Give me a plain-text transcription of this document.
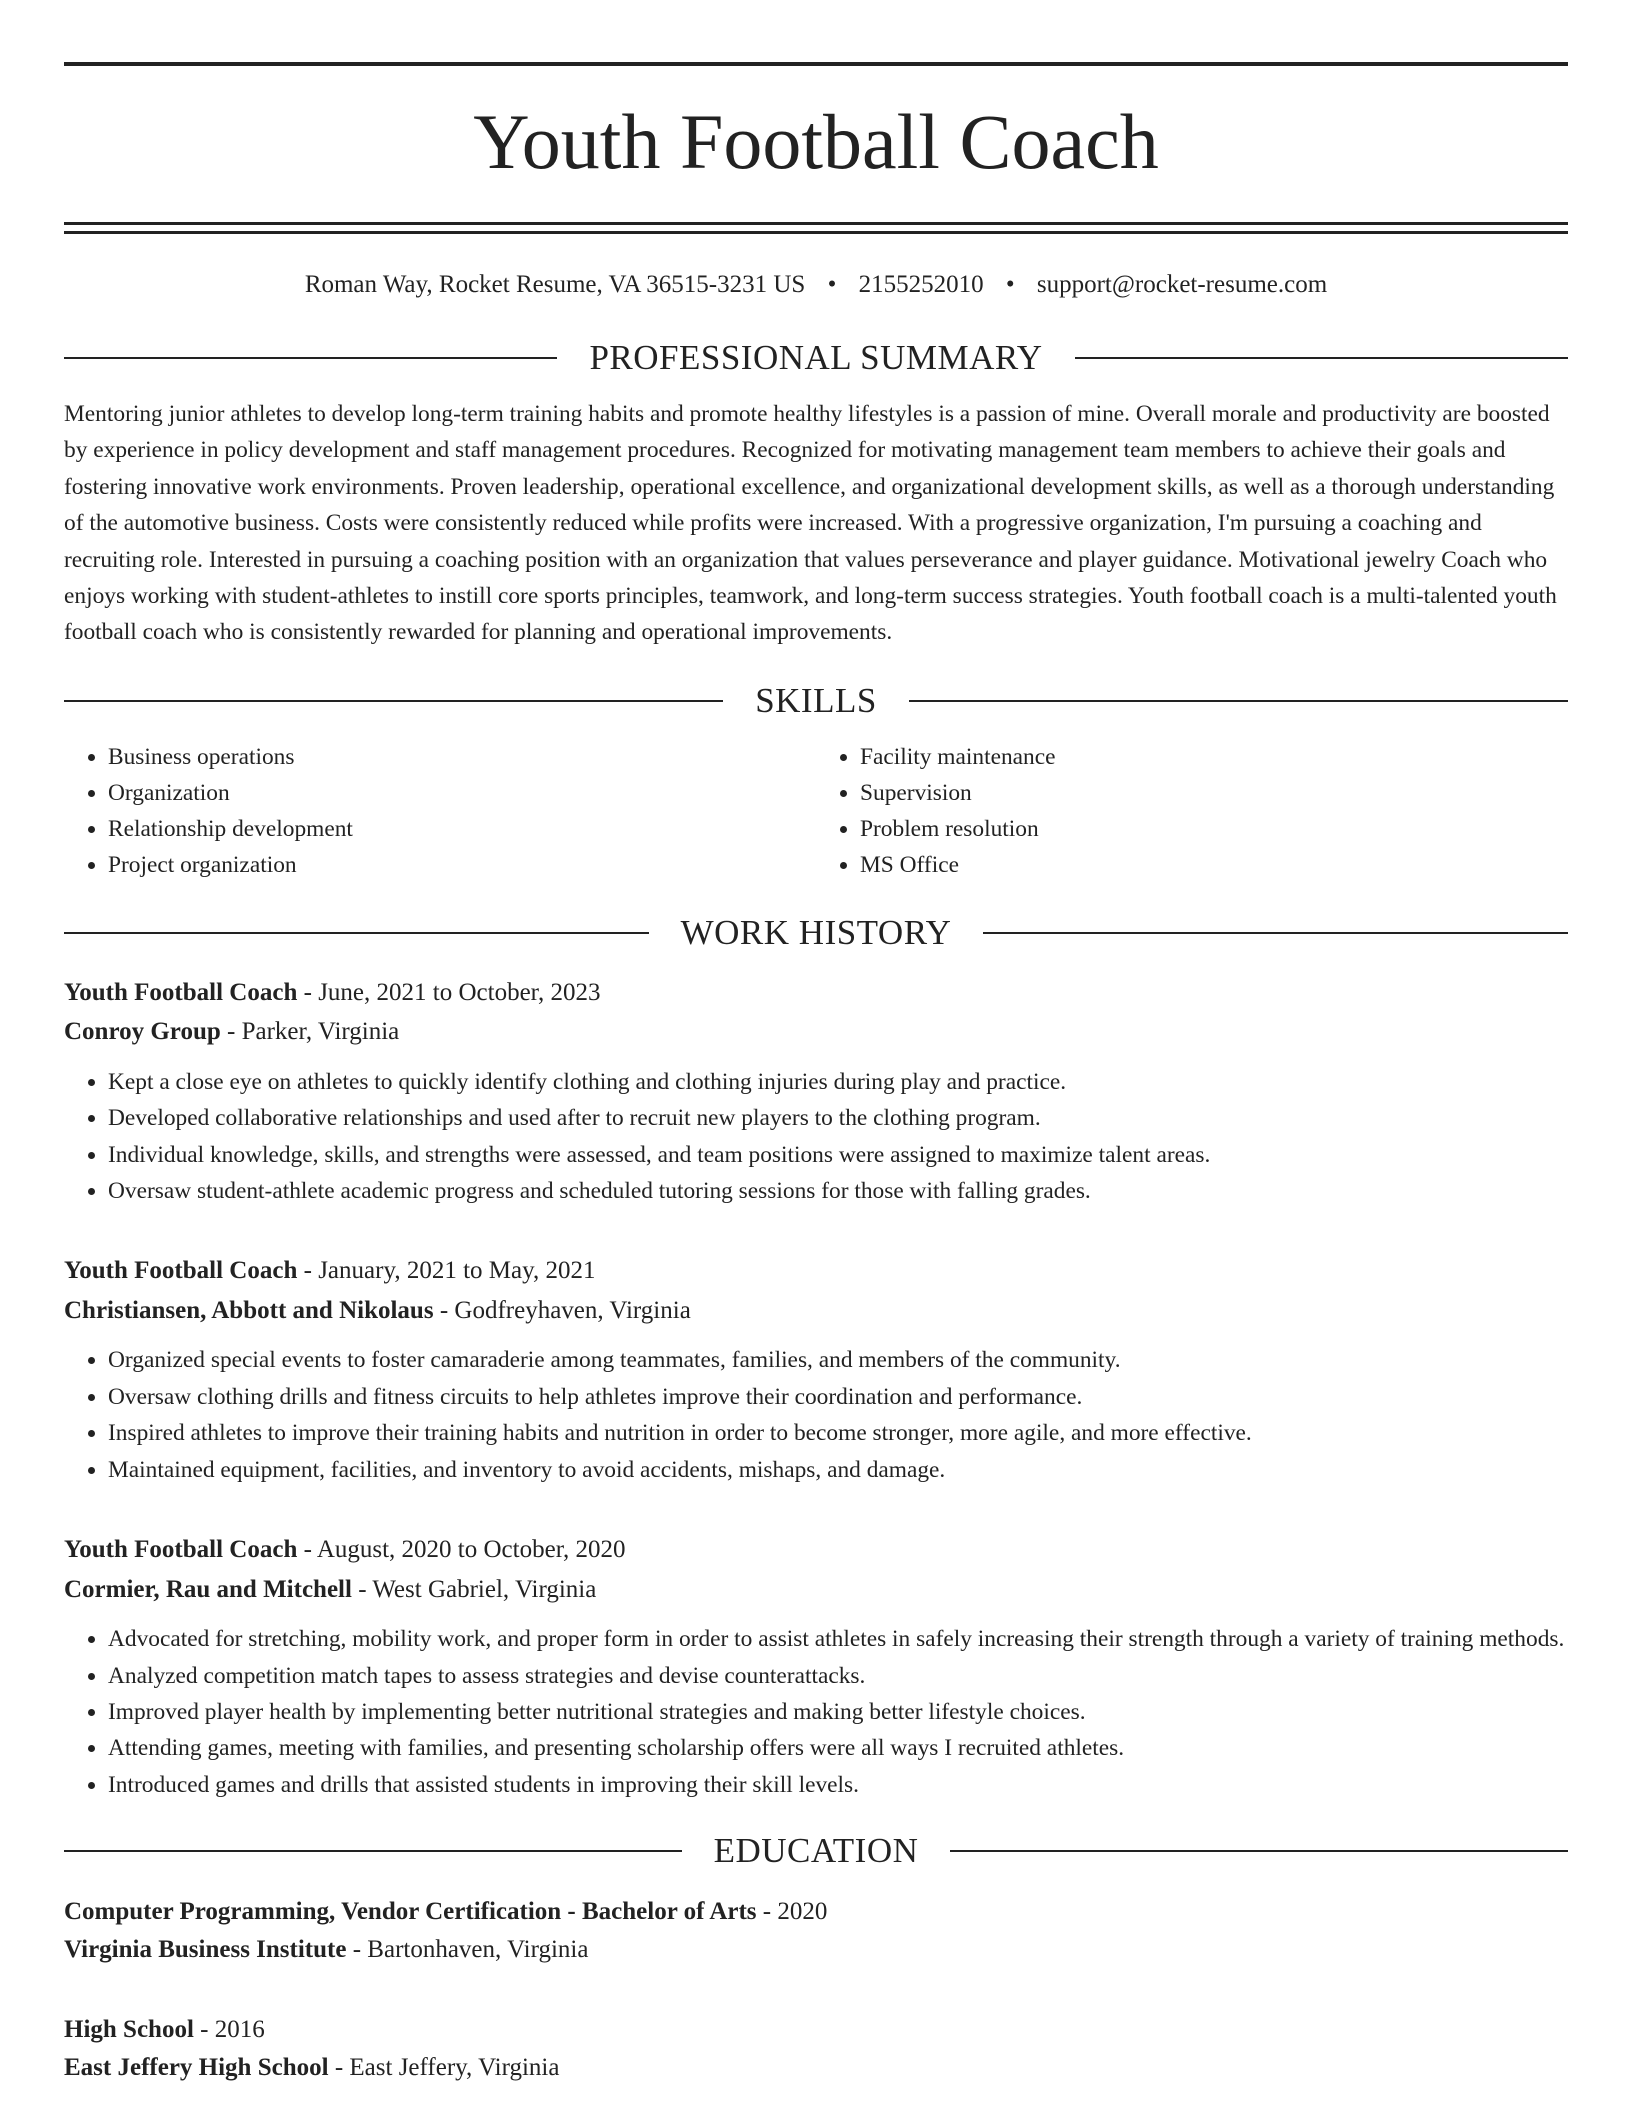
Youth Football Coach
Roman Way, Rocket Resume, VA 36515-3231 US • 2155252010 • support@rocket-resume.com
PROFESSIONAL SUMMARY
Mentoring junior athletes to develop long-term training habits and promote healthy lifestyles is a passion of mine. Overall morale and productivity are boosted by experience in policy development and staff management procedures. Recognized for motivating management team members to achieve their goals and fostering innovative work environments. Proven leadership, operational excellence, and organizational development skills, as well as a thorough understanding of the automotive business. Costs were consistently reduced while profits were increased. With a progressive organization, I'm pursuing a coaching and recruiting role. Interested in pursuing a coaching position with an organization that values perseverance and player guidance. Motivational jewelry Coach who enjoys working with student-athletes to instill core sports principles, teamwork, and long-term success strategies. Youth football coach is a multi-talented youth football coach who is consistently rewarded for planning and operational improvements.
SKILLS
• Business operations
• Organization
• Relationship development
• Project organization
• Facility maintenance
• Supervision
• Problem resolution
• MS Office
WORK HISTORY
Youth Football Coach - June, 2021 to October, 2023
Conroy Group - Parker, Virginia
• Kept a close eye on athletes to quickly identify clothing and clothing injuries during play and practice.
• Developed collaborative relationships and used after to recruit new players to the clothing program.
• Individual knowledge, skills, and strengths were assessed, and team positions were assigned to maximize talent areas.
• Oversaw student-athlete academic progress and scheduled tutoring sessions for those with falling grades.
Youth Football Coach - January, 2021 to May, 2021
Christiansen, Abbott and Nikolaus - Godfreyhaven, Virginia
• Organized special events to foster camaraderie among teammates, families, and members of the community.
• Oversaw clothing drills and fitness circuits to help athletes improve their coordination and performance.
• Inspired athletes to improve their training habits and nutrition in order to become stronger, more agile, and more effective.
• Maintained equipment, facilities, and inventory to avoid accidents, mishaps, and damage.
Youth Football Coach - August, 2020 to October, 2020
Cormier, Rau and Mitchell - West Gabriel, Virginia
• Advocated for stretching, mobility work, and proper form in order to assist athletes in safely increasing their strength through a variety of training methods.
• Analyzed competition match tapes to assess strategies and devise counterattacks.
• Improved player health by implementing better nutritional strategies and making better lifestyle choices.
• Attending games, meeting with families, and presenting scholarship offers were all ways I recruited athletes.
• Introduced games and drills that assisted students in improving their skill levels.
EDUCATION
Computer Programming, Vendor Certification - Bachelor of Arts - 2020
Virginia Business Institute - Bartonhaven, Virginia
High School - 2016
East Jeffery High School - East Jeffery, Virginia
